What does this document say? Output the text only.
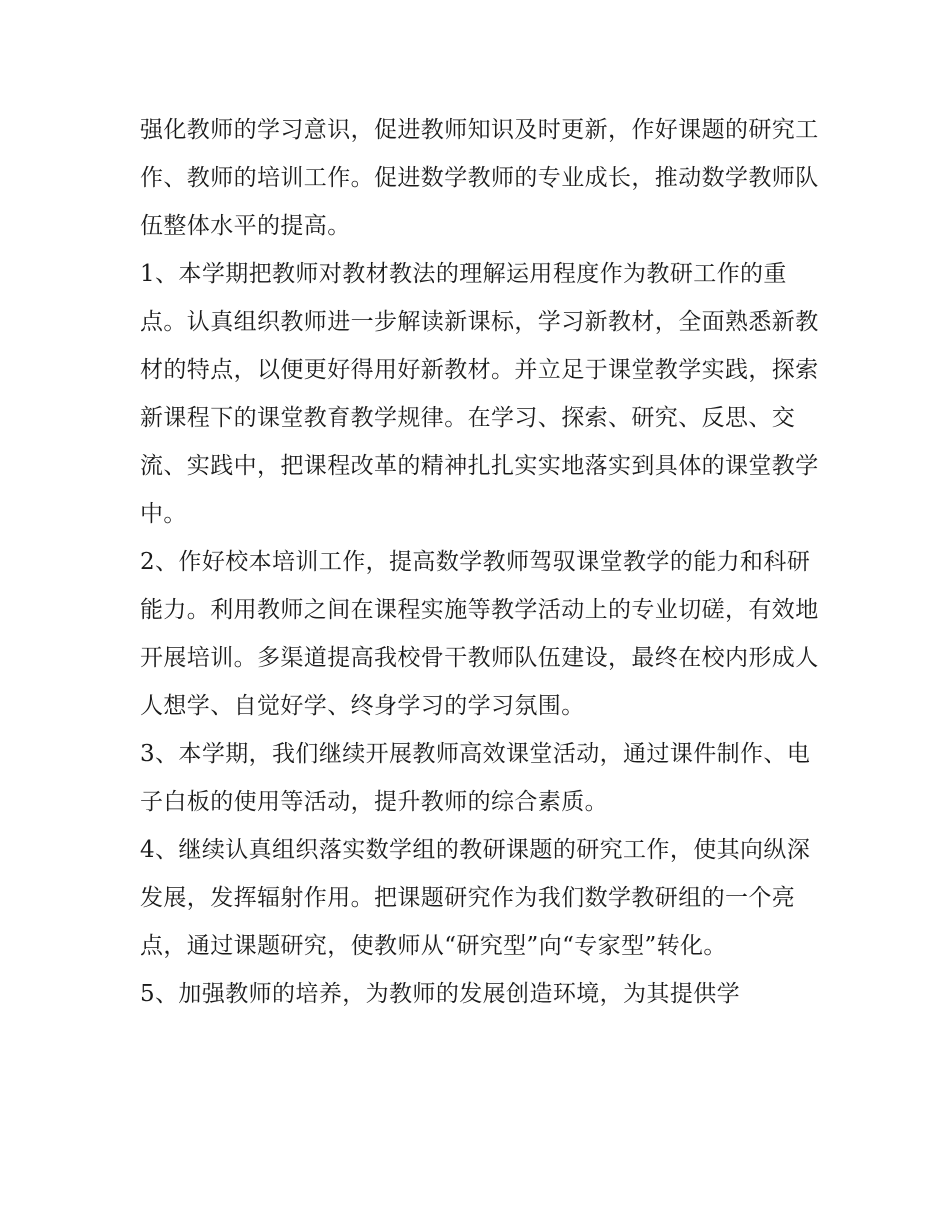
强化教师的学习意识，促进教师知识及时更新，作好课题的研究工作、教师的培训工作。促进数学教师的专业成长，推动数学教师队伍整体水平的提高。

1、本学期把教师对教材教法的理解运用程度作为教研工作的重点。认真组织教师进一步解读新课标，学习新教材，全面熟悉新教材的特点，以便更好得用好新教材。并立足于课堂教学实践，探索新课程下的课堂教育教学规律。在学习、探索、研究、反思、交流、实践中，把课程改革的精神扎扎实实地落实到具体的课堂教学中。

2、作好校本培训工作，提高数学教师驾驭课堂教学的能力和科研能力。利用教师之间在课程实施等教学活动上的专业切磋，有效地开展培训。多渠道提高我校骨干教师队伍建设，最终在校内形成人人想学、自觉好学、终身学习的学习氛围。

3、本学期，我们继续开展教师高效课堂活动，通过课件制作、电子白板的使用等活动，提升教师的综合素质。

4、继续认真组织落实数学组的教研课题的研究工作，使其向纵深发展，发挥辐射作用。把课题研究作为我们数学教研组的一个亮点，通过课题研究，使教师从“研究型”向“专家型”转化。

5、加强教师的培养，为教师的发展创造环境，为其提供学
